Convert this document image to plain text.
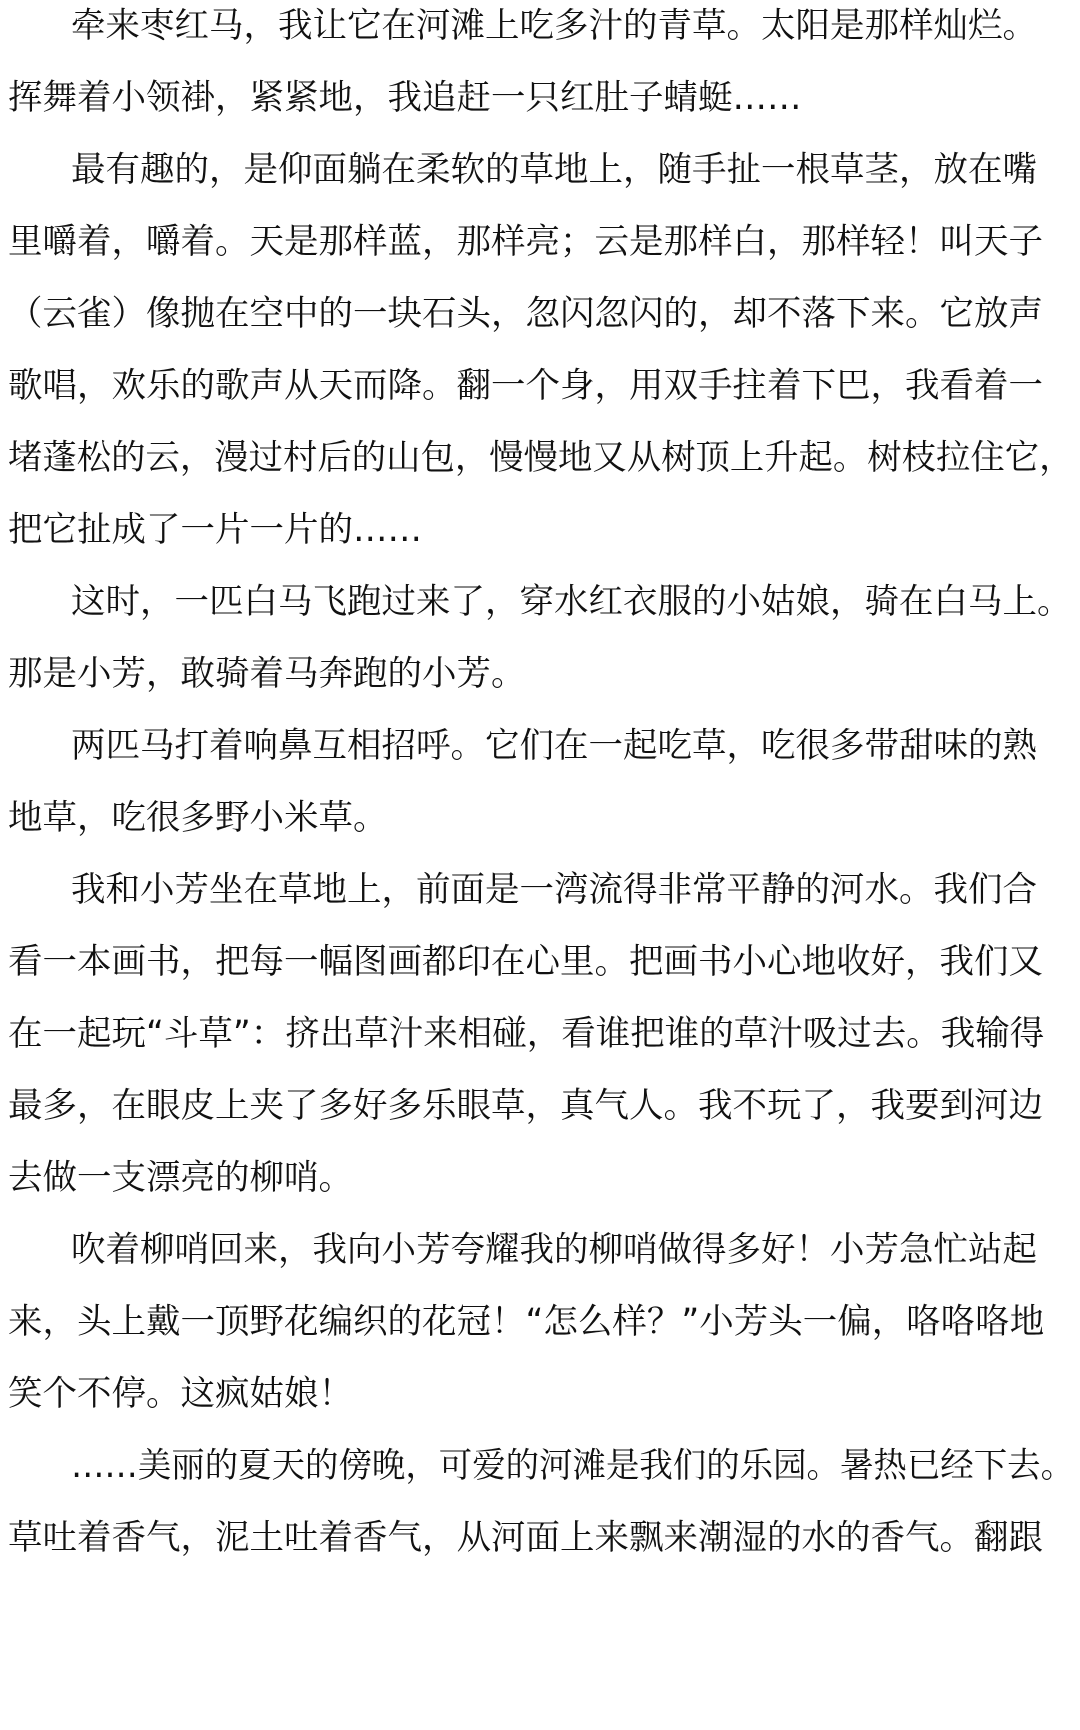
牵来枣红马，我让它在河滩上吃多汁的青草。太阳是那样灿烂。
挥舞着小领褂，紧紧地，我追赶一只红肚子蜻蜓……
最有趣的，是仰面躺在柔软的草地上，随手扯一根草茎，放在嘴
里嚼着，嚼着。天是那样蓝，那样亮；云是那样白，那样轻！叫天子
（云雀）像抛在空中的一块石头，忽闪忽闪的，却不落下来。它放声
歌唱，欢乐的歌声从天而降。翻一个身，用双手拄着下巴，我看着一
堵蓬松的云，漫过村后的山包，慢慢地又从树顶上升起。树枝拉住它，
把它扯成了一片一片的……
这时，一匹白马飞跑过来了，穿水红衣服的小姑娘，骑在白马上。
那是小芳，敢骑着马奔跑的小芳。
两匹马打着响鼻互相招呼。它们在一起吃草，吃很多带甜味的熟
地草，吃很多野小米草。
我和小芳坐在草地上，前面是一湾流得非常平静的河水。我们合
看一本画书，把每一幅图画都印在心里。把画书小心地收好，我们又
在一起玩“斗草”：挤出草汁来相碰，看谁把谁的草汁吸过去。我输得
最多，在眼皮上夹了多好多乐眼草，真气人。我不玩了，我要到河边
去做一支漂亮的柳哨。
吹着柳哨回来，我向小芳夸耀我的柳哨做得多好！小芳急忙站起
来，头上戴一顶野花编织的花冠！“怎么样？”小芳头一偏，咯咯咯地
笑个不停。这疯姑娘！
……美丽的夏天的傍晚，可爱的河滩是我们的乐园。暑热已经下去。
草吐着香气，泥土吐着香气，从河面上来飘来潮湿的水的香气。翻跟
